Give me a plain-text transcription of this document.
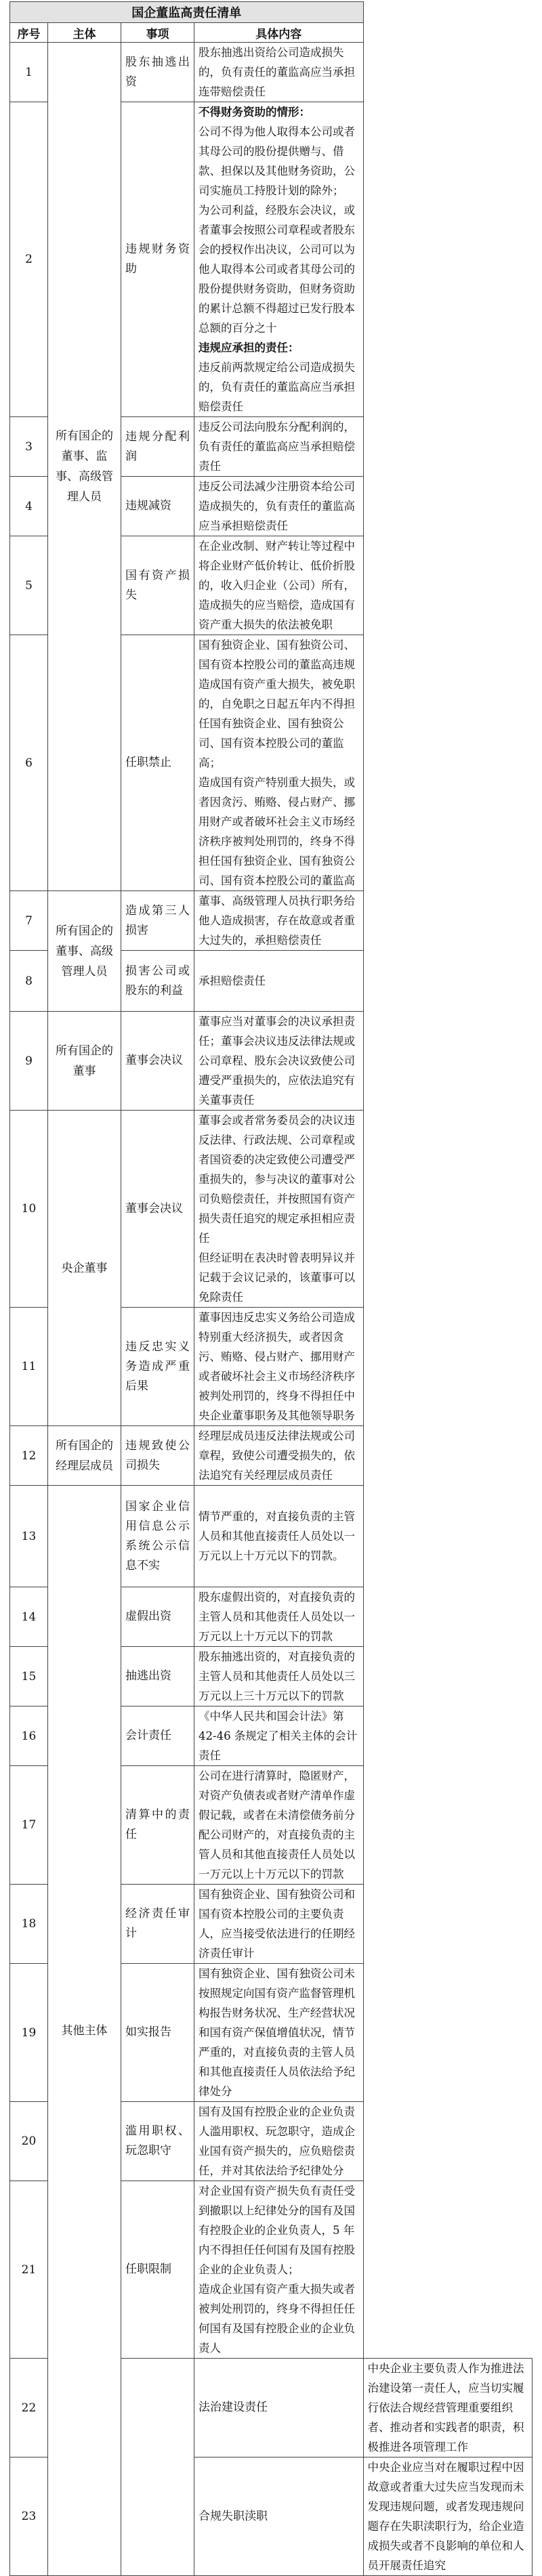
国企董监高责任清单				
序号	主体	事项	具体内容	
1	所有国企的董事、监事、高级管理人员	股东抽逃出资	股东抽逃出资给公司造成损失的，负有责任的董监高应当承担连带赔偿责任	

2		违规财务资助	不得财务资助的情形：
公司不得为他人取得本公司或者其母公司的股份提供赠与、借款、担保以及其他财务资助，公司实施员工持股计划的除外；
为公司利益，经股东会决议，或者董事会按照公司章程或者股东会的授权作出决议，公司可以为他人取得本公司或者其母公司的股份提供财务资助，但财务资助的累计总额不得超过已发行股本总额的百分之十
违规应承担的责任：
违反前两款规定给公司造成损失的，负有责任的董监高应当承担赔偿责任	

3		违规分配利润	违反公司法向股东分配利润的，负有责任的董监高应当承担赔偿责任	

4		违规减资	违反公司法减少注册资本给公司造成损失的，负有责任的董监高应当承担赔偿责任	

5		国有资产损失	在企业改制、财产转让等过程中将企业财产低价转让、低价折股的，收入归企业（公司）所有，造成损失的应当赔偿，造成国有资产重大损失的依法被免职	

6		任职禁止	国有独资企业、国有独资公司、国有资本控股公司的董监高违规造成国有资产重大损失，被免职的，自免职之日起五年内不得担任国有独资企业、国有独资公司、国有资本控股公司的董监高；
造成国有资产特别重大损失，或者因贪污、贿赂、侵占财产、挪用财产或者破坏社会主义市场经济秩序被判处刑罚的，终身不得担任国有独资企业、国有独资公司、国有资本控股公司的董监高	

7	所有国企的董事、高级管理人员	造成第三人损害	董事、高级管理人员执行职务给他人造成损害，存在故意或者重大过失的，承担赔偿责任	

8		损害公司或股东的利益	承担赔偿责任	

9	所有国企的董事	董事会决议	董事应当对董事会的决议承担责任；董事会决议违反法律法规或公司章程、股东会决议致使公司遭受严重损失的，应依法追究有关董事责任	

10	央企董事	董事会决议	董事会或者常务委员会的决议违反法律、行政法规、公司章程或者国资委的决定致使公司遭受严重损失的，参与决议的董事对公司负赔偿责任，并按照国有资产损失责任追究的规定承担相应责任
但经证明在表决时曾表明异议并记载于会议记录的，该董事可以免除责任	

11		违反忠实义务造成严重后果	董事因违反忠实义务给公司造成特别重大经济损失，或者因贪污、贿赂、侵占财产、挪用财产或者破坏社会主义市场经济秩序被判处刑罚的，终身不得担任中央企业董事职务及其他领导职务	

12	所有国企的经理层成员	违规致使公司损失	经理层成员违反法律法规或公司章程，致使公司遭受损失的，依法追究有关经理层成员责任	

13	其他主体	国家企业信用信息公示系统公示信息不实	情节严重的，对直接负责的主管人员和其他直接责任人员处以一万元以上十万元以下的罚款。	

14		虚假出资	股东虚假出资的，对直接负责的主管人员和其他责任人员处以一万元以上十万元以下的罚款	

15		抽逃出资	股东抽逃出资的，对直接负责的主管人员和其他责任人员处以三万元以上三十万元以下的罚款	

16		会计责任	《中华人民共和国会计法》第 42-46 条规定了相关主体的会计责任	

17		清算中的责任	公司在进行清算时，隐匿财产，对资产负债表或者财产清单作虚假记载，或者在未清偿债务前分配公司财产的，对直接负责的主管人员和其他直接责任人员处以一万元以上十万元以下的罚款	

18		经济责任审计	国有独资企业、国有独资公司和国有资本控股公司的主要负责人，应当接受依法进行的任期经济责任审计	

19		如实报告	国有独资企业、国有独资公司未按照规定向国有资产监督管理机构报告财务状况、生产经营状况和国有资产保值增值状况，情节严重的，对直接负责的主管人员和其他直接责任人员依法给予纪律处分	

20		滥用职权、玩忽职守	国有及国有控股企业的企业负责人滥用职权、玩忽职守，造成企业国有资产损失的，应负赔偿责任，并对其依法给予纪律处分	

21		任职限制	对企业国有资产损失负有责任受到撤职以上纪律处分的国有及国有控股企业的企业负责人，5 年内不得担任任何国有及国有控股企业的企业负责人；
造成企业国有资产重大损失或者被判处刑罚的，终身不得担任任何国有及国有控股企业的企业负责人	

22			法治建设责任	中央企业主要负责人作为推进法治建设第一责任人，应当切实履行依法合规经营管理重要组织者、推动者和实践者的职责，积极推进各项管理工作

23			合规失职渎职	中央企业应当对在履职过程中因故意或者重大过失应当发现而未发现违规问题，或者发现违规问题存在失职渎职行为，给企业造成损失或者不良影响的单位和人员开展责任追究
